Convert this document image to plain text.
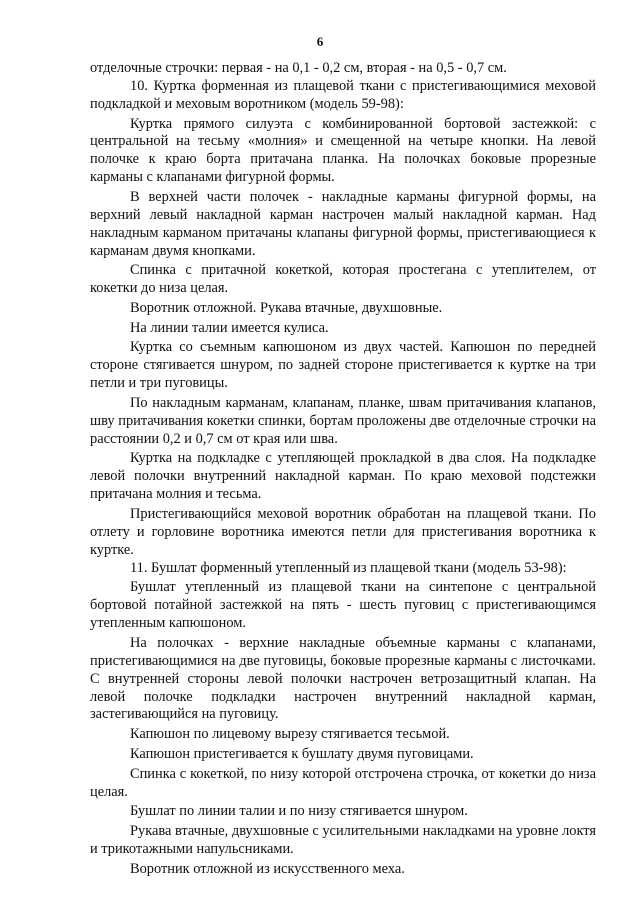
6

отделочные строчки: первая - на 0,1 - 0,2 см, вторая - на 0,5 - 0,7 см.

10. Куртка форменная из плащевой ткани с пристегивающимися меховой подкладкой и меховым воротником (модель 59-98):

Куртка прямого силуэта с комбинированной бортовой застежкой: с центральной на тесьму «молния» и смещенной на четыре кнопки. На левой полочке к краю борта притачана планка. На полочках боковые прорезные карманы с клапанами фигурной формы.

В верхней части полочек - накладные карманы фигурной формы, на верхний левый накладной карман настрочен малый накладной карман. Над накладным карманом притачаны клапаны фигурной формы, пристегивающиеся к карманам двумя кнопками.

Спинка с притачной кокеткой, которая простегана с утеплителем, от кокетки до низа целая.

Воротник отложной. Рукава втачные, двухшовные.

На линии талии имеется кулиса.

Куртка со съемным капюшоном из двух частей. Капюшон по передней стороне стягивается шнуром, по задней стороне пристегивается к куртке на три петли и три пуговицы.

По накладным карманам, клапанам, планке, швам притачивания клапанов, шву притачивания кокетки спинки, бортам проложены две отделочные строчки на расстоянии 0,2 и 0,7 см от края или шва.

Куртка на подкладке с утепляющей прокладкой в два слоя. На подкладке левой полочки внутренний накладной карман. По краю меховой подстежки притачана молния и тесьма.

Пристегивающийся меховой воротник обработан на плащевой ткани. По отлету и горловине воротника имеются петли для пристегивания воротника к куртке.

11. Бушлат форменный утепленный из плащевой ткани (модель 53-98):

Бушлат утепленный из плащевой ткани на синтепоне с центральной бортовой потайной застежкой на пять - шесть пуговиц с пристегивающимся утепленным капюшоном.

На полочках - верхние накладные объемные карманы с клапанами, пристегивающимися на две пуговицы, боковые прорезные карманы с листочками. С внутренней стороны левой полочки настрочен ветрозащитный клапан. На левой полочке подкладки настрочен внутренний накладной карман, застегивающийся на пуговицу.

Капюшон по лицевому вырезу стягивается тесьмой.

Капюшон пристегивается к бушлату двумя пуговицами.

Спинка с кокеткой, по низу которой отстрочена строчка, от кокетки до низа целая.

Бушлат по линии талии и по низу стягивается шнуром.

Рукава втачные, двухшовные с усилительными накладками на уровне локтя и трикотажными напульсниками.

Воротник отложной из искусственного меха.
